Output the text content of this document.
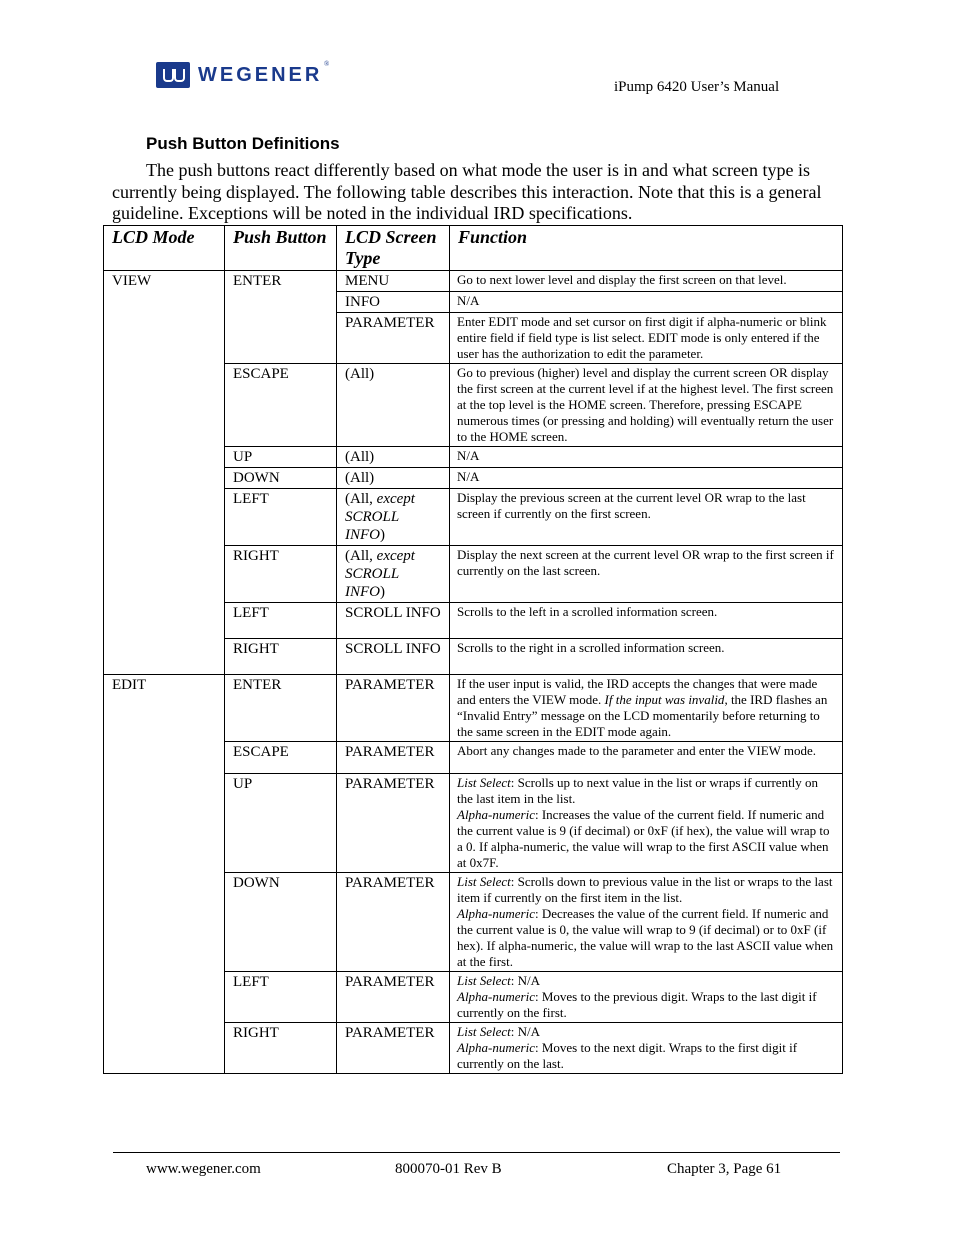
WEGENER ®
iPump 6420 User’s Manual
Push Button Definitions

The push buttons react differently based on what mode the user is in and what screen type is currently being displayed. The following table describes this interaction. Note that this is a general guideline. Exceptions will be noted in the individual IRD specifications.

LCD Mode	Push Button	LCD Screen Type	Function
VIEW	ENTER	MENU	Go to next lower level and display the first screen on that level.
		INFO	N/A
		PARAMETER	Enter EDIT mode and set cursor on first digit if alpha-numeric or blink entire field if field type is list select. EDIT mode is only entered if the user has the authorization to edit the parameter.
	ESCAPE	(All)	Go to previous (higher) level and display the current screen OR display the first screen at the current level if at the highest level. The first screen at the top level is the HOME screen. Therefore, pressing ESCAPE numerous times (or pressing and holding) will eventually return the user to the HOME screen.
	UP	(All)	N/A
	DOWN	(All)	N/A
	LEFT	(All, except SCROLL INFO)	Display the previous screen at the current level OR wrap to the last screen if currently on the first screen.
	RIGHT	(All, except SCROLL INFO)	Display the next screen at the current level OR wrap to the first screen if currently on the last screen.
	LEFT	SCROLL INFO	Scrolls to the left in a scrolled information screen.
	RIGHT	SCROLL INFO	Scrolls to the right in a scrolled information screen.
EDIT	ENTER	PARAMETER	If the user input is valid, the IRD accepts the changes that were made and enters the VIEW mode. If the input was invalid, the IRD flashes an “Invalid Entry” message on the LCD momentarily before returning to the same screen in the EDIT mode again.
	ESCAPE	PARAMETER	Abort any changes made to the parameter and enter the VIEW mode.
	UP	PARAMETER	List Select: Scrolls up to next value in the list or wraps if currently on the last item in the list.
Alpha-numeric: Increases the value of the current field. If numeric and the current value is 9 (if decimal) or 0xF (if hex), the value will wrap to a 0. If alpha-numeric, the value will wrap to the first ASCII value when at 0x7F.
	DOWN	PARAMETER	List Select: Scrolls down to previous value in the list or wraps to the last item if currently on the first item in the list.
Alpha-numeric: Decreases the value of the current field. If numeric and the current value is 0, the value will wrap to 9 (if decimal) or to 0xF (if hex). If alpha-numeric, the value will wrap to the last ASCII value when at the first.
	LEFT	PARAMETER	List Select: N/A
Alpha-numeric: Moves to the previous digit. Wraps to the last digit if currently on the first.
	RIGHT	PARAMETER	List Select: N/A
Alpha-numeric: Moves to the next digit. Wraps to the first digit if currently on the last.
www.wegener.com	800070-01 Rev B	Chapter 3, Page 61
